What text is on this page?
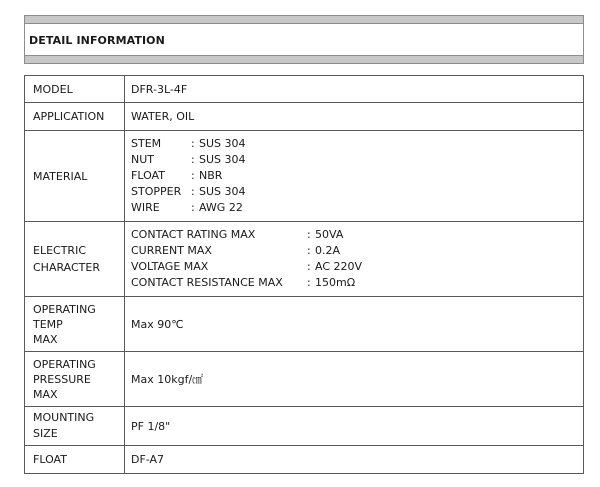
DETAIL INFORMATION
MODEL	DFR-3L-4F

APPLICATION	WATER, OIL

MATERIAL	STEM : SUS 304
NUT : SUS 304
FLOAT : NBR
STOPPER : SUS 304
WIRE : AWG 22

ELECTRIC
CHARACTER	CONTACT RATING MAX : 50VA
CURRENT MAX : 0.2A
VOLTAGE MAX : AC 220V
CONTACT RESISTANCE MAX : 150mΩ

OPERATING
TEMP
MAX	Max 90℃

OPERATING
PRESSURE
MAX	Max 10kgf/㎠

MOUNTING
SIZE	PF 1/8"

FLOAT	DF-A7
